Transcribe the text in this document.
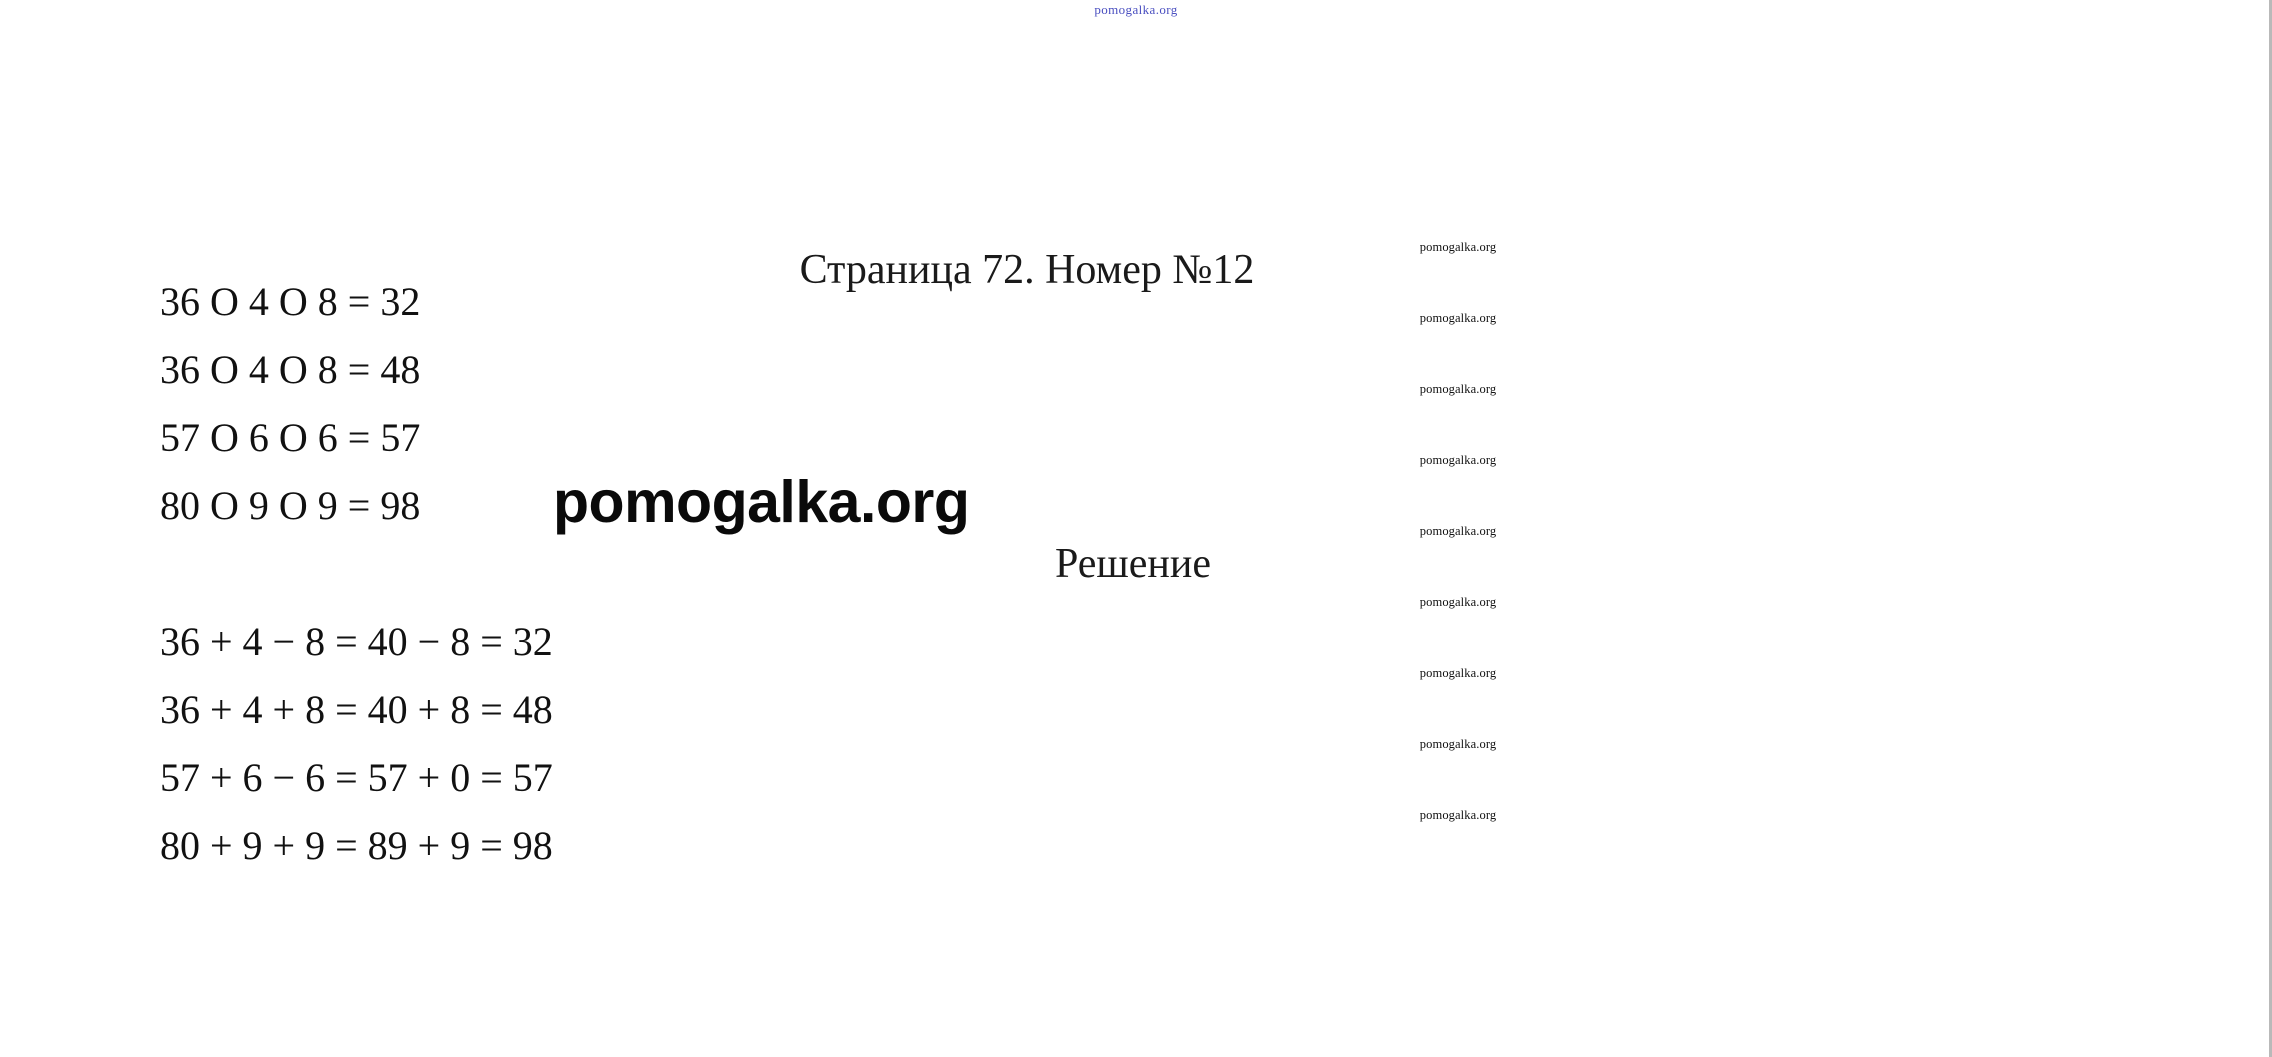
pomogalka.org

Страница 72. Номер №12

36 O 4 O 8 = 32
36 O 4 O 8 = 48
57 O 6 O 6 = 57
80 O 9 O 9 = 98 pomogalka.org
Решение
36 + 4 − 8 = 40 − 8 = 32
36 + 4 + 8 = 40 + 8 = 48
57 + 6 − 6 = 57 + 0 = 57
80 + 9 + 9 = 89 + 9 = 98
pomogalka.org
pomogalka.org
pomogalka.org
pomogalka.org
pomogalka.org
pomogalka.org
pomogalka.org
pomogalka.org
pomogalka.org
